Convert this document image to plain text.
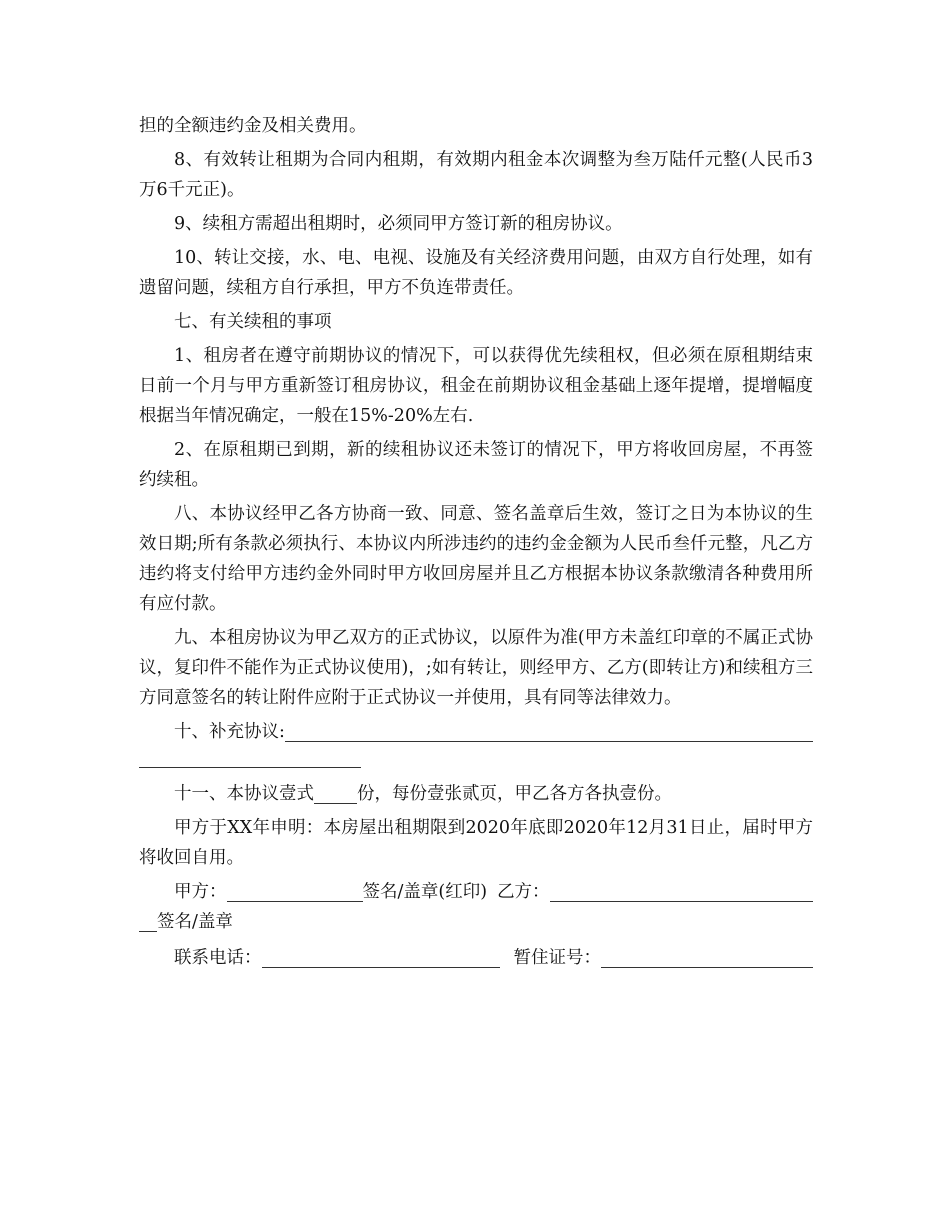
担的全额违约金及相关费用。

8、有效转让租期为合同内租期，有效期内租金本次调整为叁万陆仟元整(人民币3万6千元正)。

9、续租方需超出租期时，必须同甲方签订新的租房协议。

10、转让交接，水、电、电视、设施及有关经济费用问题，由双方自行处理，如有遗留问题，续租方自行承担，甲方不负连带责任。

七、有关续租的事项

1、租房者在遵守前期协议的情况下，可以获得优先续租权，但必须在原租期结束日前一个月与甲方重新签订租房协议，租金在前期协议租金基础上逐年提增，提增幅度根据当年情况确定，一般在15%-20%左右.

2、在原租期已到期，新的续租协议还未签订的情况下，甲方将收回房屋，不再签约续租。

八、本协议经甲乙各方协商一致、同意、签名盖章后生效，签订之日为本协议的生效日期;所有条款必须执行、本协议内所涉违约的违约金金额为人民币叁仟元整，凡乙方违约将支付给甲方违约金外同时甲方收回房屋并且乙方根据本协议条款缴清各种费用所有应付款。

九、本租房协议为甲乙双方的正式协议，以原件为准(甲方未盖红印章的不属正式协议，复印件不能作为正式协议使用)，;如有转让，则经甲方、乙方(即转让方)和续租方三方同意签名的转让附件应附于正式协议一并使用，具有同等法律效力。

十、补充协议:
十一、本协议壹式 份，每份壹张贰页，甲乙各方各执壹份。

甲方于XX年申明：本房屋出租期限到2020年底即2020年12月31日止，届时甲方将收回自用。

甲方：	签名/盖章(红印) 乙方：
签名/盖章
联系电话：	暂住证号：
